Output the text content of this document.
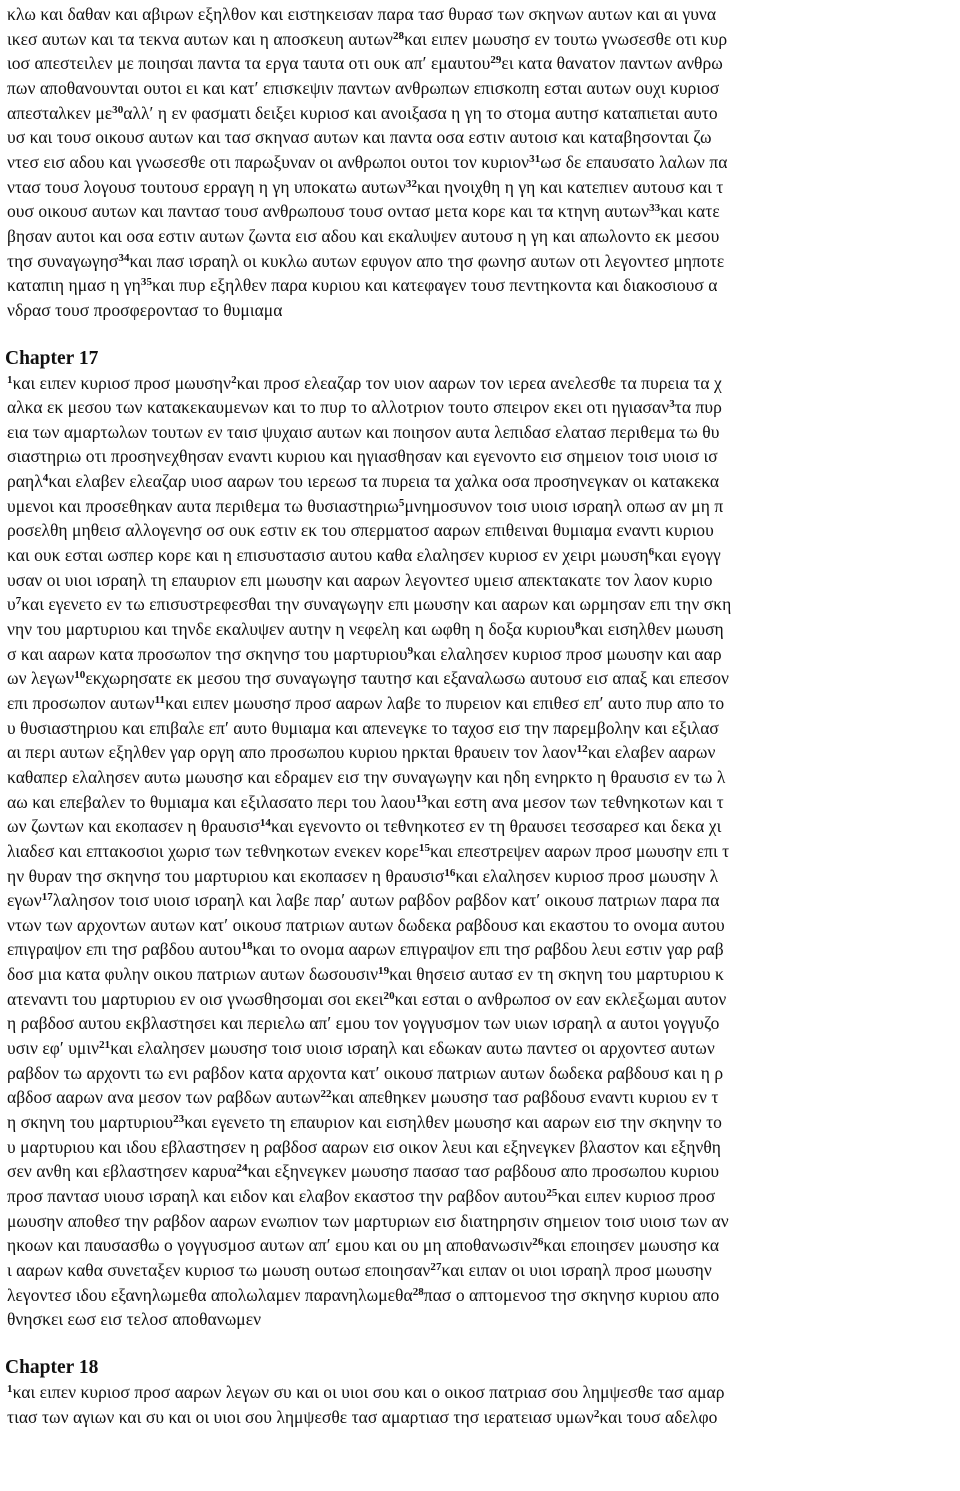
κλω και δαθαν και αβιρων εξηλθον και ειστηκεισαν παρα τασ θυρασ των σκηνων αυτων και αι γυνα
ικεσ αυτων και τα τεκνα αυτων και η αποσκευη αυτων$^{28}$και ειπεν μωυσησ εν τουτω γνωσεσθε οτι κυρ
ιοσ απεστειλεν με ποιησαι παντα τα εργα ταυτα οτι ουκ απ′ εμαυτου$^{29}$ει κατα θανατον παντων ανθρω
πων αποθανουνται ουτοι ει και κατ′ επισκεψιν παντων ανθρωπων επισκοπη εσται αυτων ουχι κυριοσ
απεσταλκεν $\mu\varepsilon^{30}\alpha\lambda\lambda'$ η εν φασματι δειξει κυριοσ και ανοιξασα η γη το στομα αυτησ καταπιεται αυτο
υσ και τουσ οικουσ αυτων και τασ σκηνασ αυτων και παντα οσα εστιν αυτοισ και καταβησονται ζω
ντεσ εισ αδου και γνωσεσθε οτι παρωξυναν οι ανθρωποι ουτοι τον κυριον$^{31}$ωσ δε επαυσατο λαλων πα
ντασ τουσ λογουσ τουτουσ ερραγη η γη υποκατω αυτων$^{32}$και ηνοιχθη η γη και κατεπιεν αυτουσ και τ
ουσ οικουσ αυτων και παντασ τουσ ανθρωπουσ τουσ οντασ μετα κορε και τα κτηνη αυτων$^{33}$και κατε
βησαν αυτοι και οσα εστιν αυτων ζωντα εισ αδου και εκαλυψεν αυτουσ η γη και απωλοντο εκ μεσου
τησ συναγωγησ$^{34}$και πασ ισραηλ οι κυκλω αυτων εφυγον απο τησ φωνησ αυτων οτι λεγοντεσ μηποτε
καταπιη ημασ η $\gamma\eta^{35}\kappa\alpha\iota$ πυρ εξηλθεν παρα κυριου και κατεφαγεν τουσ πεντηκοντα και διακοσιουσ α
νδρασ τουσ προσφεροντασ το θυμιαμα
Chapter 17
$^1$και ειπεν κυριοσ προσ μωυσην$^2$και προσ ελεαζαρ τον υιον ααρων τον ιερεα ανελεσθε τα πυρεια τα χ
αλκα εκ μεσου των κατακεκαυμενων και το πυρ το αλλοτριον τουτο σπειρον εκει οτι ηγιασαν$^3$τα πυρ
εια των αμαρτωλων τουτων εν ταισ ψυχαισ αυτων και ποιησον αυτα λεπιδασ ελατασ περιθεμα τω θυ
σιαστηριω οτι προσηνεχθησαν εναντι κυριου και ηγιασθησαν και εγενοντο εισ σημειον τοισ υιοισ ισ
ραηλ$^4$και ελαβεν ελεαζαρ υιοσ ααρων του ιερεωσ τα πυρεια τα χαλκα οσα προσηνεγκαν οι κατακεκα
υμενοι και προσεθηκαν αυτα περιθεμα τω θυσιαστηριω$^5$μνημοσυνον τοισ υιοισ ισραηλ οπωσ αν μη π
ροσελθη μηθεισ αλλογενησ οσ ουκ εστιν εκ του σπερματοσ ααρων επιθειναι θυμιαμα εναντι κυριου
και ουκ εσται ωσπερ κορε και η επισυστασισ αυτου καθα ελαλησεν κυριοσ εν χειρι μωυση$^6$και εγογγ
υσαν οι υιοι ισραηλ τη επαυριον επι μωυσην και ααρων λεγοντεσ υμεισ απεκτακατε τον λαον κυριο
$\upsilon^7\kappa\alpha\iota$ εγενετο εν τω επισυστρεφεσθαι την συναγωγην επι μωυσην και ααρων και ωρμησαν επι την σκη
νην του μαρτυριου και τηνδε εκαλυψεν αυτην η νεφελη και ωφθη η δοξα κυριου$^8$και εισηλθεν μωυση
σ και ααρων κατα προσωπον τησ σκηνησ του μαρτυριου$^9$και ελαλησεν κυριοσ προσ μωυσην και ααρ
ων λεγων$^{10}$εκχωρησατε εκ μεσου τησ συναγωγησ ταυτησ και εξαναλωσω αυτουσ εισ απαξ και επεσον
επι προσωπον αυτων$^{11}$και ειπεν μωυσησ προσ ααρων λαβε το πυρειον και επιθεσ επ′ αυτο πυρ απο το
υ θυσιαστηριου και επιβαλε επ′ αυτο θυμιαμα και απενεγκε το ταχοσ εισ την παρεμβολην και εξιλασ
αι περι αυτων εξηλθεν γαρ οργη απο προσωπου κυριου ηρκται θραυειν τον λαον$^{12}$και ελαβεν ααρων
καθαπερ ελαλησεν αυτω μωυσησ και εδραμεν εισ την συναγωγην και ηδη ενηρκτο η θραυσισ εν τω λ
αω και επεβαλεν το θυμιαμα και εξιλασατο περι του λαου$^{13}$και εστη ανα μεσον των τεθνηκοτων και τ
ων ζωντων και εκοπασεν η θραυσισ$^{14}$και εγενοντο οι τεθνηκοτεσ εν τη θραυσει τεσσαρεσ και δεκα χι
λιαδεσ και επτακοσιοι χωρισ των τεθνηκοτων ενεκεν κορε$^{15}$και επεστρεψεν ααρων προσ μωυσην επι τ
ην θυραν τησ σκηνησ του μαρτυριου και εκοπασεν η θραυσισ$^{16}$και ελαλησεν κυριοσ προσ μωυσην λ
εγων$^{17}$λαλησον τοισ υιοισ ισραηλ και λαβε παρ′ αυτων ραβδον ραβδον κατ′ οικουσ πατριων παρα πα
ντων των αρχοντων αυτων κατ′ οικουσ πατριων αυτων δωδεκα ραβδουσ και εκαστου το ονομα αυτου
επιγραψον επι τησ ραβδου αυτου$^{18}$και το ονομα ααρων επιγραψον επι τησ ραβδου λευι εστιν γαρ ραβ
δοσ μια κατα φυλην οικου πατριων αυτων δωσουσιν$^{19}$και θησεισ αυτασ εν τη σκηνη του μαρτυριου κ
ατεναντι του μαρτυριου εν οισ γνωσθησομαι σοι εκει$^{20}$και εσται ο ανθρωποσ ον εαν εκλεξωμαι αυτον
η ραβδοσ αυτου εκβλαστησει και περιελω απ′ εμου τον γογγυσμον των υιων ισραηλ α αυτοι γογγυζο
υσιν εφ′ υμιν$^{21}$και ελαλησεν μωυσησ τοισ υιοισ ισραηλ και εδωκαν αυτω παντεσ οι αρχοντεσ αυτων
ραβδον τω αρχοντι τω ενι ραβδον κατα αρχοντα κατ′ οικουσ πατριων αυτων δωδεκα ραβδουσ και η ρ
αβδοσ ααρων ανα μεσον των ραβδων αυτων$^{22}$και απεθηκεν μωυσησ τασ ραβδουσ εναντι κυριου εν τ
η σκηνη του μαρτυριου$^{23}$και εγενετο τη επαυριον και εισηλθεν μωυσησ και ααρων εισ την σκηνην το
υ μαρτυριου και ιδου εβλαστησεν η ραβδοσ ααρων εισ οικον λευι και εξηνεγκεν βλαστον και εξηνθη
σεν ανθη και εβλαστησεν καρυα$^{24}$και εξηνεγκεν μωυσησ πασασ τασ ραβδουσ απο προσωπου κυριου
προσ παντασ υιουσ ισραηλ και ειδον και ελαβον εκαστοσ την ραβδον αυτου$^{25}$και ειπεν κυριοσ προσ
μωυσην αποθεσ την ραβδον ααρων ενωπιον των μαρτυριων εισ διατηρησιν σημειον τοισ υιοισ των αν
ηκοων και παυσασθω ο γογγυσμοσ αυτων απ′ εμου και ου μη αποθανωσιν$^{26}$και εποιησεν μωυσησ κα
ι ααρων καθα συνεταξεν κυριοσ τω μωυση ουτωσ εποιησαν$^{27}$και ειπαν οι υιοι ισραηλ προσ μωυσην
λεγοντεσ ιδου εξανηλωμεθα απολωλαμεν παρανηλωμεθα$^{28}$πασ ο απτομενοσ τησ σκηνησ κυριου απο
θνησκει εωσ εισ τελοσ αποθανωμεν
Chapter 18
$^1$και ειπεν κυριοσ προσ ααρων λεγων συ και οι υιοι σου και ο οικοσ πατριασ σου λημψεσθε τασ αμαρ
τιασ των αγιων και συ και οι υιοι σου λημψεσθε τασ αμαρτιασ τησ ιερατειασ υμων$^2$και τουσ αδελφο
